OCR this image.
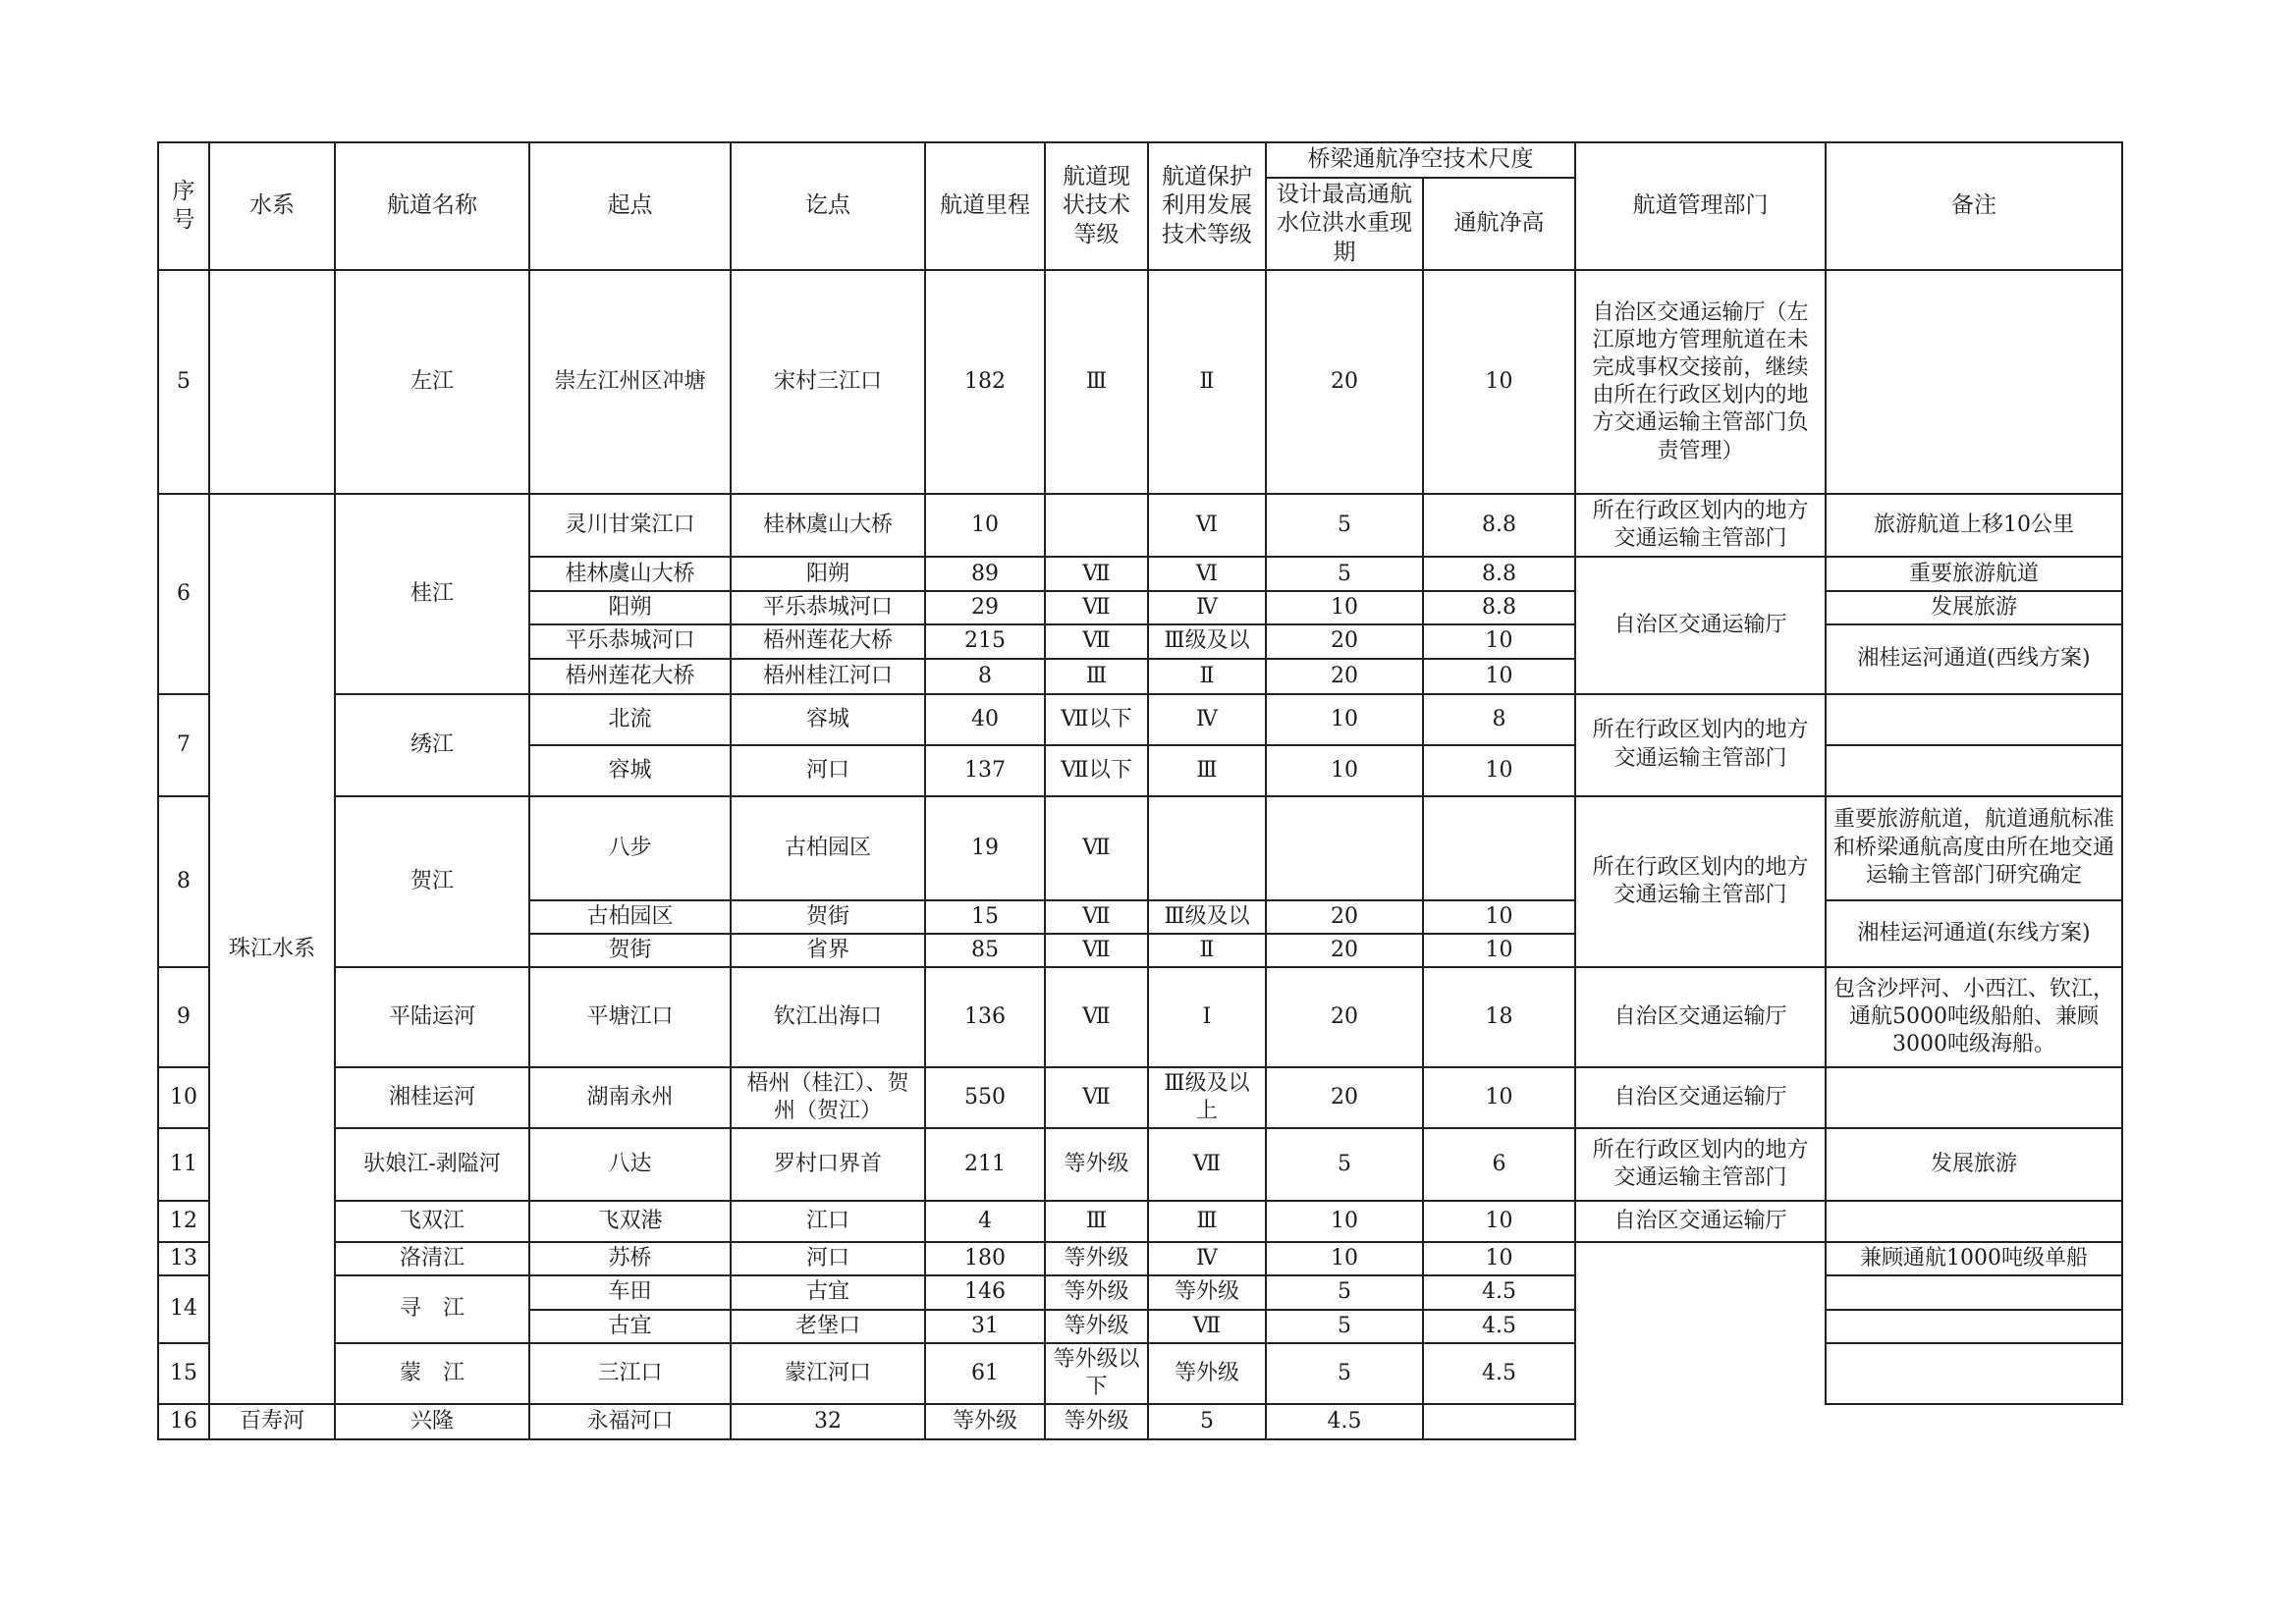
序号	水系	航道名称	起点	讫点	航道里程	航道现状技术等级	航道保护利用发展技术等级	桥梁通航净空技术尺度		航道管理部门	备注
								设计最高通航水位洪水重现期	通航净高		
5		左江	崇左江州区冲塘	宋村三江口	182	Ⅲ	Ⅱ	20	10	自治区交通运输厅（左江原地方管理航道在未完成事权交接前，继续由所在行政区划内的地方交通运输主管部门负责管理）	
6	珠江水系	桂江	灵川甘棠江口	桂林虞山大桥	10		Ⅵ	5	8.8	所在行政区划内的地方交通运输主管部门	旅游航道上移10公里
			桂林虞山大桥	阳朔	89	Ⅶ	Ⅵ	5	8.8	自治区交通运输厅	重要旅游航道
			阳朔	平乐恭城河口	29	Ⅶ	Ⅳ	10	8.8		发展旅游
			平乐恭城河口	梧州莲花大桥	215	Ⅶ	Ⅲ级及以	20	10		湘桂运河通道(西线方案)
			梧州莲花大桥	梧州桂江河口	8	Ⅲ	Ⅱ	20	10		
7		绣江	北流	容城	40	Ⅶ以下	Ⅳ	10	8	所在行政区划内的地方交通运输主管部门	
			容城	河口	137	Ⅶ以下	Ⅲ	10	10		
8		贺江	八步	古柏园区	19	Ⅶ				所在行政区划内的地方交通运输主管部门	重要旅游航道，航道通航标准和桥梁通航高度由所在地交通运输主管部门研究确定
			古柏园区	贺街	15	Ⅶ	Ⅲ级及以	20	10		湘桂运河通道(东线方案)
			贺街	省界	85	Ⅶ	Ⅱ	20	10		
9		平陆运河	平塘江口	钦江出海口	136	Ⅶ	Ⅰ	20	18	自治区交通运输厅	包含沙坪河、小西江、钦江，通航5000吨级船舶、兼顾3000吨级海船。
10		湘桂运河	湖南永州	梧州（桂江）、贺州（贺江）	550	Ⅶ	Ⅲ级及以上	20	10	自治区交通运输厅	
11		驮娘江-剥隘河	八达	罗村口界首	211	等外级	Ⅶ	5	6	所在行政区划内的地方交通运输主管部门	发展旅游
12		飞双江	飞双港	江口	4	Ⅲ	Ⅲ	10	10	自治区交通运输厅	
13		洛清江	苏桥	河口	180	等外级	Ⅳ	10	10		兼顾通航1000吨级单船
14		寻　江	车田	古宜	146	等外级	等外级	5	4.5		
			古宜	老堡口	31	等外级	Ⅶ	5	4.5		
15		蒙　江	三江口	蒙江河口	61	等外级以下	等外级	5	4.5		
16	百寿河	兴隆	永福河口	32	等外级	等外级	5	4.5			
